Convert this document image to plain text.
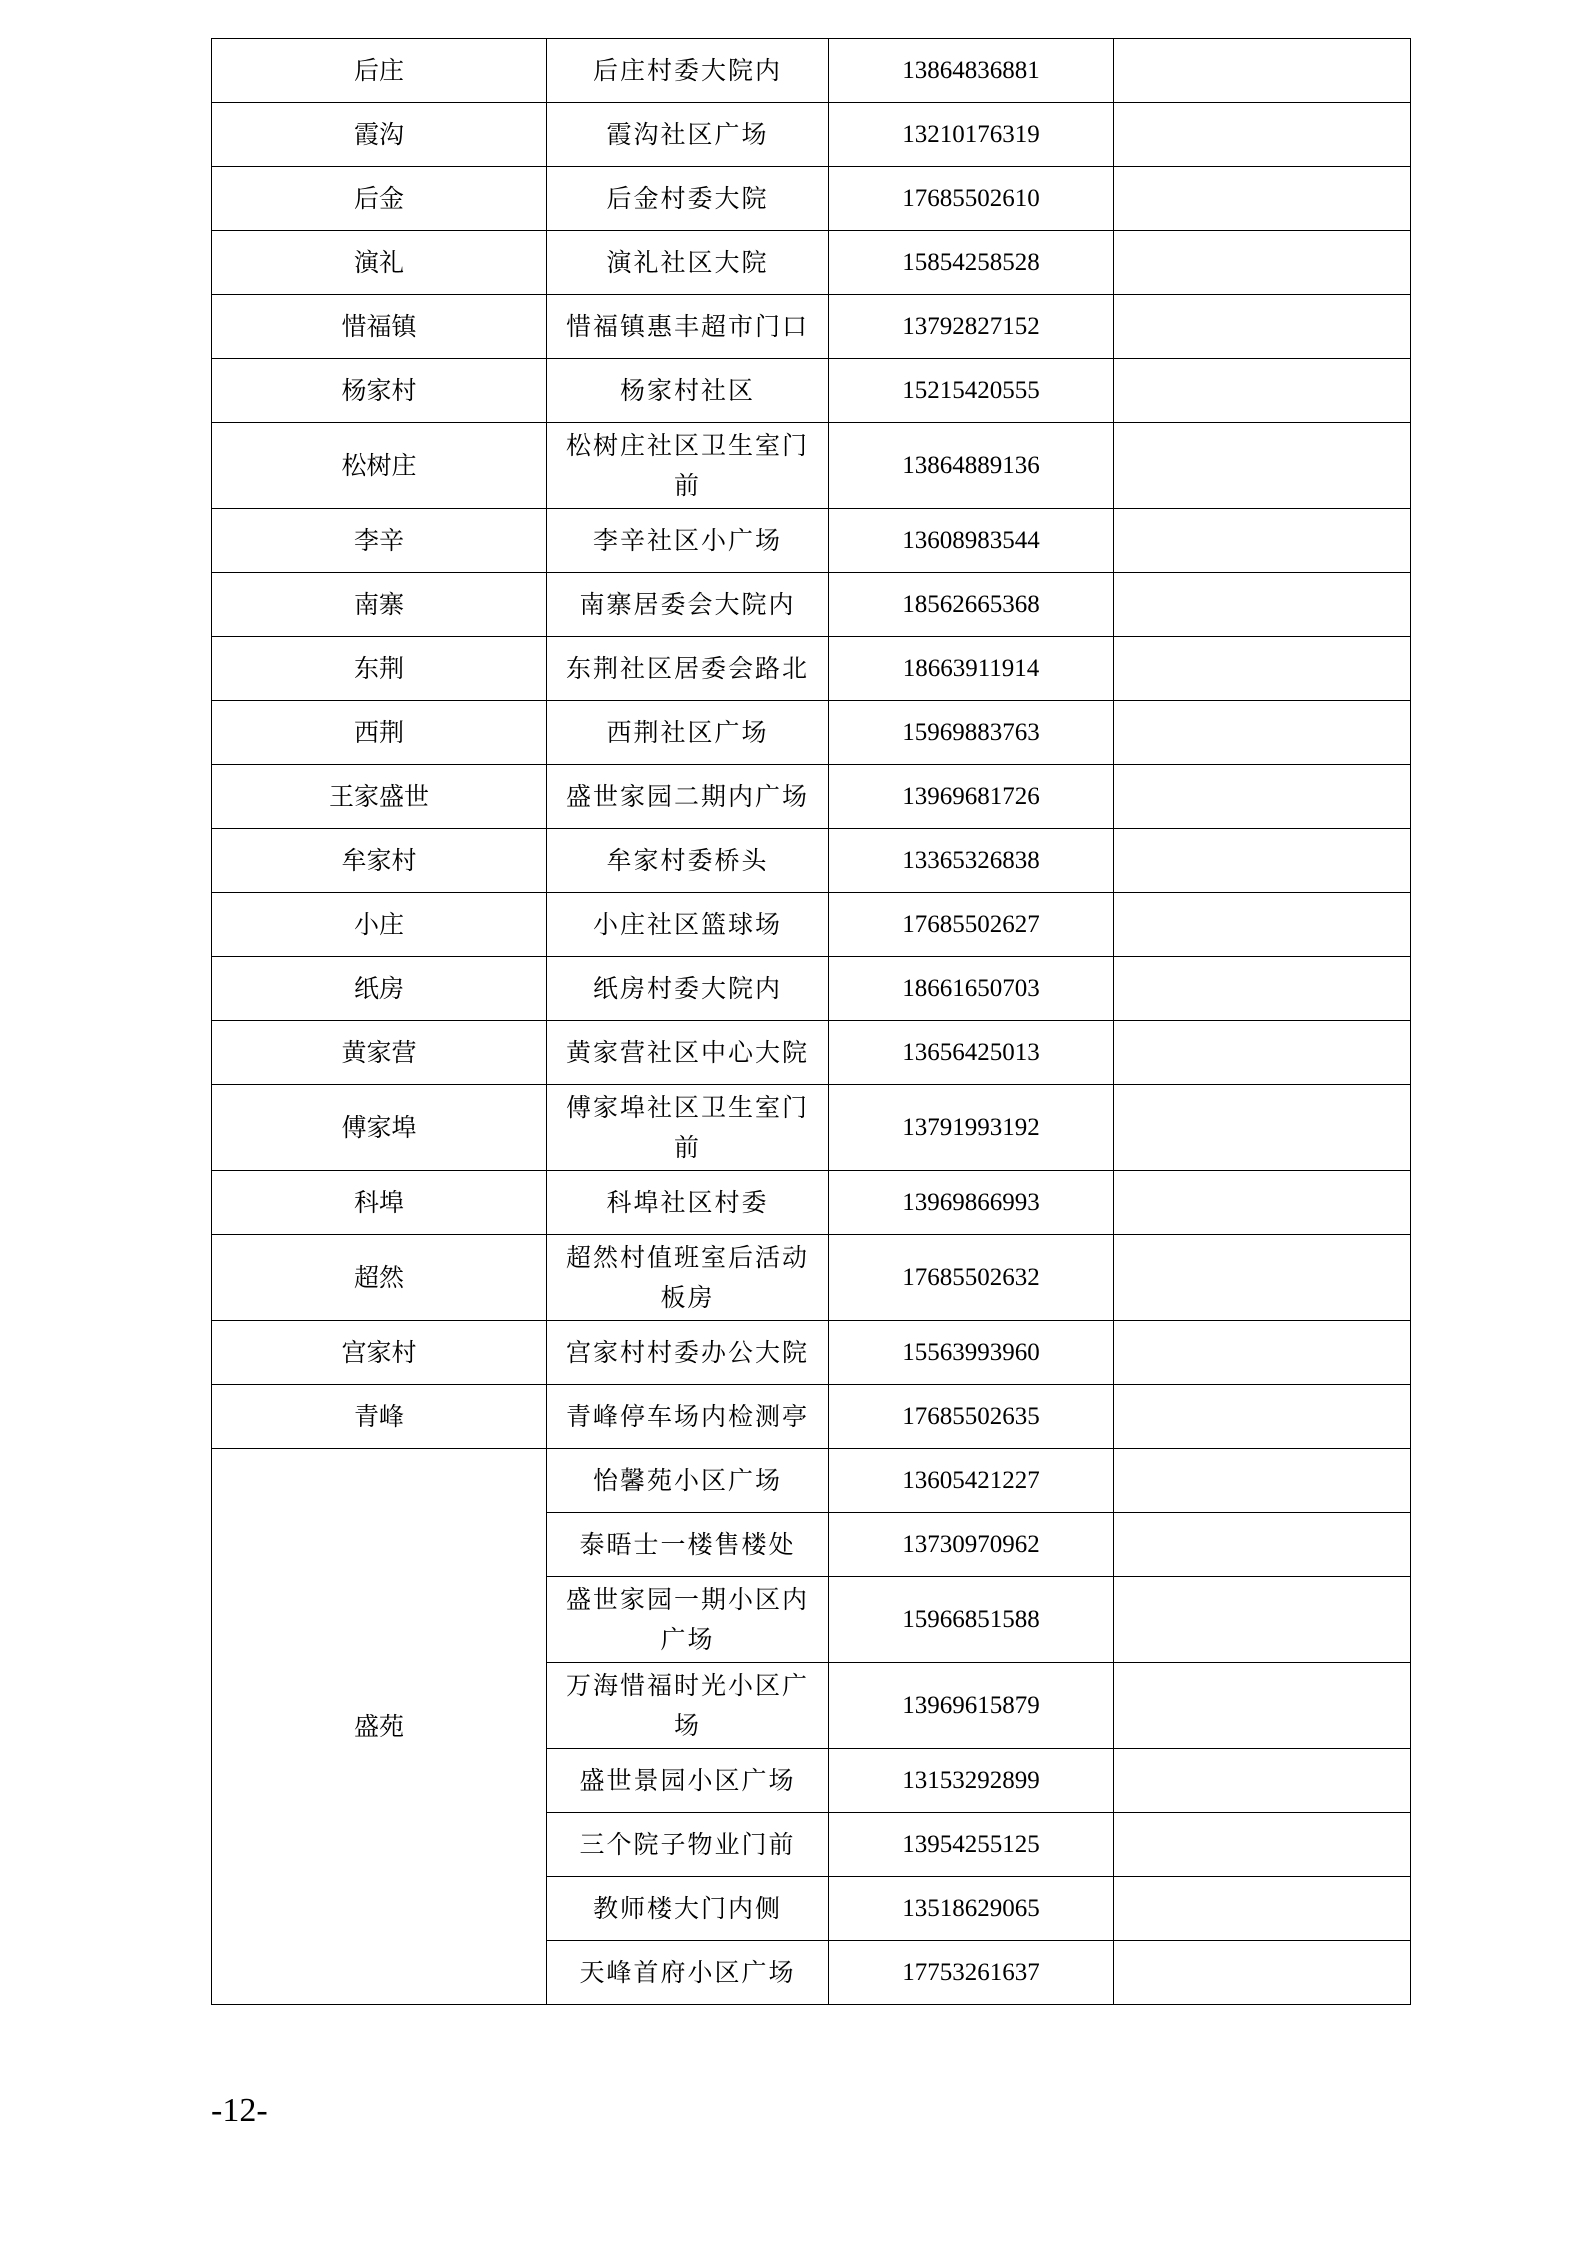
后庄	后庄村委大院内	13864836881	
霞沟	霞沟社区广场	13210176319	
后金	后金村委大院	17685502610	
演礼	演礼社区大院	15854258528	
惜福镇	惜福镇惠丰超市门口	13792827152	
杨家村	杨家村社区	15215420555	
松树庄	松树庄社区卫生室门前	13864889136	
李辛	李辛社区小广场	13608983544	
南寨	南寨居委会大院内	18562665368	
东荆	东荆社区居委会路北	18663911914	
西荆	西荆社区广场	15969883763	
王家盛世	盛世家园二期内广场	13969681726	
牟家村	牟家村委桥头	13365326838	
小庄	小庄社区篮球场	17685502627	
纸房	纸房村委大院内	18661650703	
黄家营	黄家营社区中心大院	13656425013	
傅家埠	傅家埠社区卫生室门前	13791993192	
科埠	科埠社区村委	13969866993	
超然	超然村值班室后活动板房	17685502632	
宫家村	宫家村村委办公大院	15563993960	
青峰	青峰停车场内检测亭	17685502635	
盛苑	怡馨苑小区广场	13605421227	
	泰晤士一楼售楼处	13730970962	
	盛世家园一期小区内广场	15966851588	
	万海惜福时光小区广场	13969615879	
	盛世景园小区广场	13153292899	
	三个院子物业门前	13954255125	
	教师楼大门内侧	13518629065	
	天峰首府小区广场	17753261637	
-12-
